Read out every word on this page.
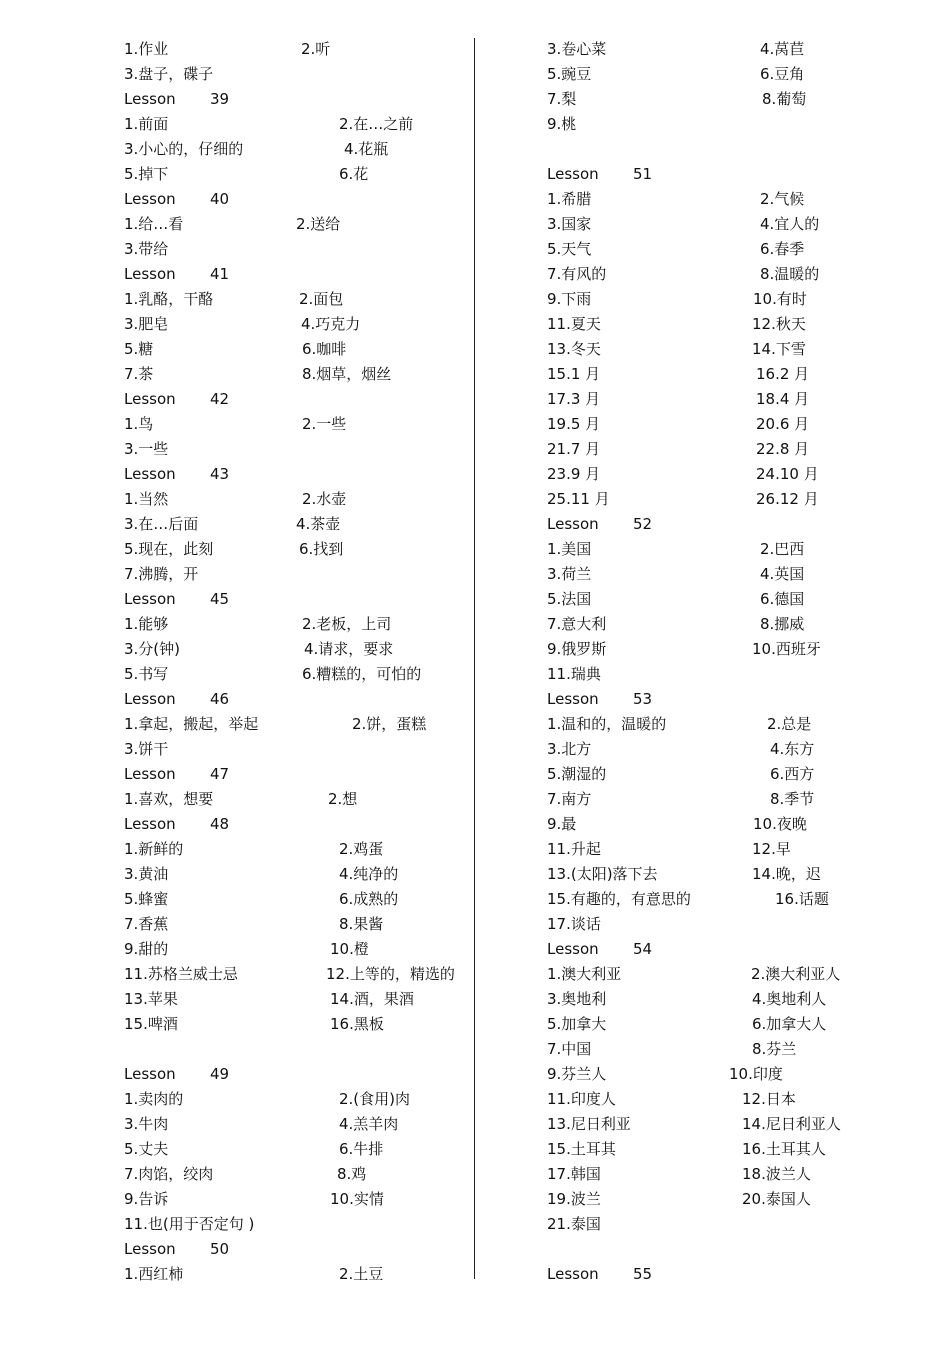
1.作业	2.听
3.盘子，碟子
Lesson 39
1.前面	2.在…之前
3.小心的，仔细的	4.花瓶
5.掉下	6.花
Lesson 40
1.给…看	2.送给
3.带给
Lesson 41
1.乳酪，干酪	2.面包
3.肥皂	4.巧克力
5.糖	6.咖啡
7.茶	8.烟草，烟丝
Lesson 42
1.鸟	2.一些
3.一些
Lesson 43
1.当然	2.水壶
3.在…后面	4.茶壶
5.现在，此刻	6.找到
7.沸腾，开
Lesson 45
1.能够	2.老板，上司
3.分(钟)	4.请求，要求
5.书写	6.糟糕的，可怕的
Lesson 46
1.拿起，搬起，举起	2.饼，蛋糕
3.饼干
Lesson 47
1.喜欢，想要	2.想
Lesson 48
1.新鲜的	2.鸡蛋
3.黄油	4.纯净的
5.蜂蜜	6.成熟的
7.香蕉	8.果酱
9.甜的	10.橙
11.苏格兰威士忌	12.上等的，精选的
13.苹果	14.酒，果酒
15.啤酒	16.黑板
Lesson 49
1.卖肉的	2.(食用)肉
3.牛肉	4.羔羊肉
5.丈夫	6.牛排
7.肉馅，绞肉	8.鸡
9.告诉	10.实情
11.也(用于否定句 )
Lesson 50
1.西红柿	2.土豆
3.卷心菜	4.莴苣
5.豌豆	6.豆角
7.梨	8.葡萄
9.桃
Lesson 51
1.希腊	2.气候
3.国家	4.宜人的
5.天气	6.春季
7.有风的	8.温暖的
9.下雨	10.有时
11.夏天	12.秋天
13.冬天	14.下雪
15.1 月	16.2 月
17.3 月	18.4 月
19.5 月	20.6 月
21.7 月	22.8 月
23.9 月	24.10 月
25.11 月	26.12 月
Lesson 52
1.美国	2.巴西
3.荷兰	4.英国
5.法国	6.德国
7.意大利	8.挪威
9.俄罗斯	10.西班牙
11.瑞典
Lesson 53
1.温和的，温暖的	2.总是
3.北方	4.东方
5.潮湿的	6.西方
7.南方	8.季节
9.最	10.夜晚
11.升起	12.早
13.(太阳)落下去	14.晚，迟
15.有趣的，有意思的	16.话题
17.谈话
Lesson 54
1.澳大利亚	2.澳大利亚人
3.奥地利	4.奥地利人
5.加拿大	6.加拿大人
7.中国	8.芬兰
9.芬兰人	10.印度
11.印度人	12.日本
13.尼日利亚	14.尼日利亚人
15.土耳其	16.土耳其人
17.韩国	18.波兰人
19.波兰	20.泰国人
21.泰国
Lesson 55
